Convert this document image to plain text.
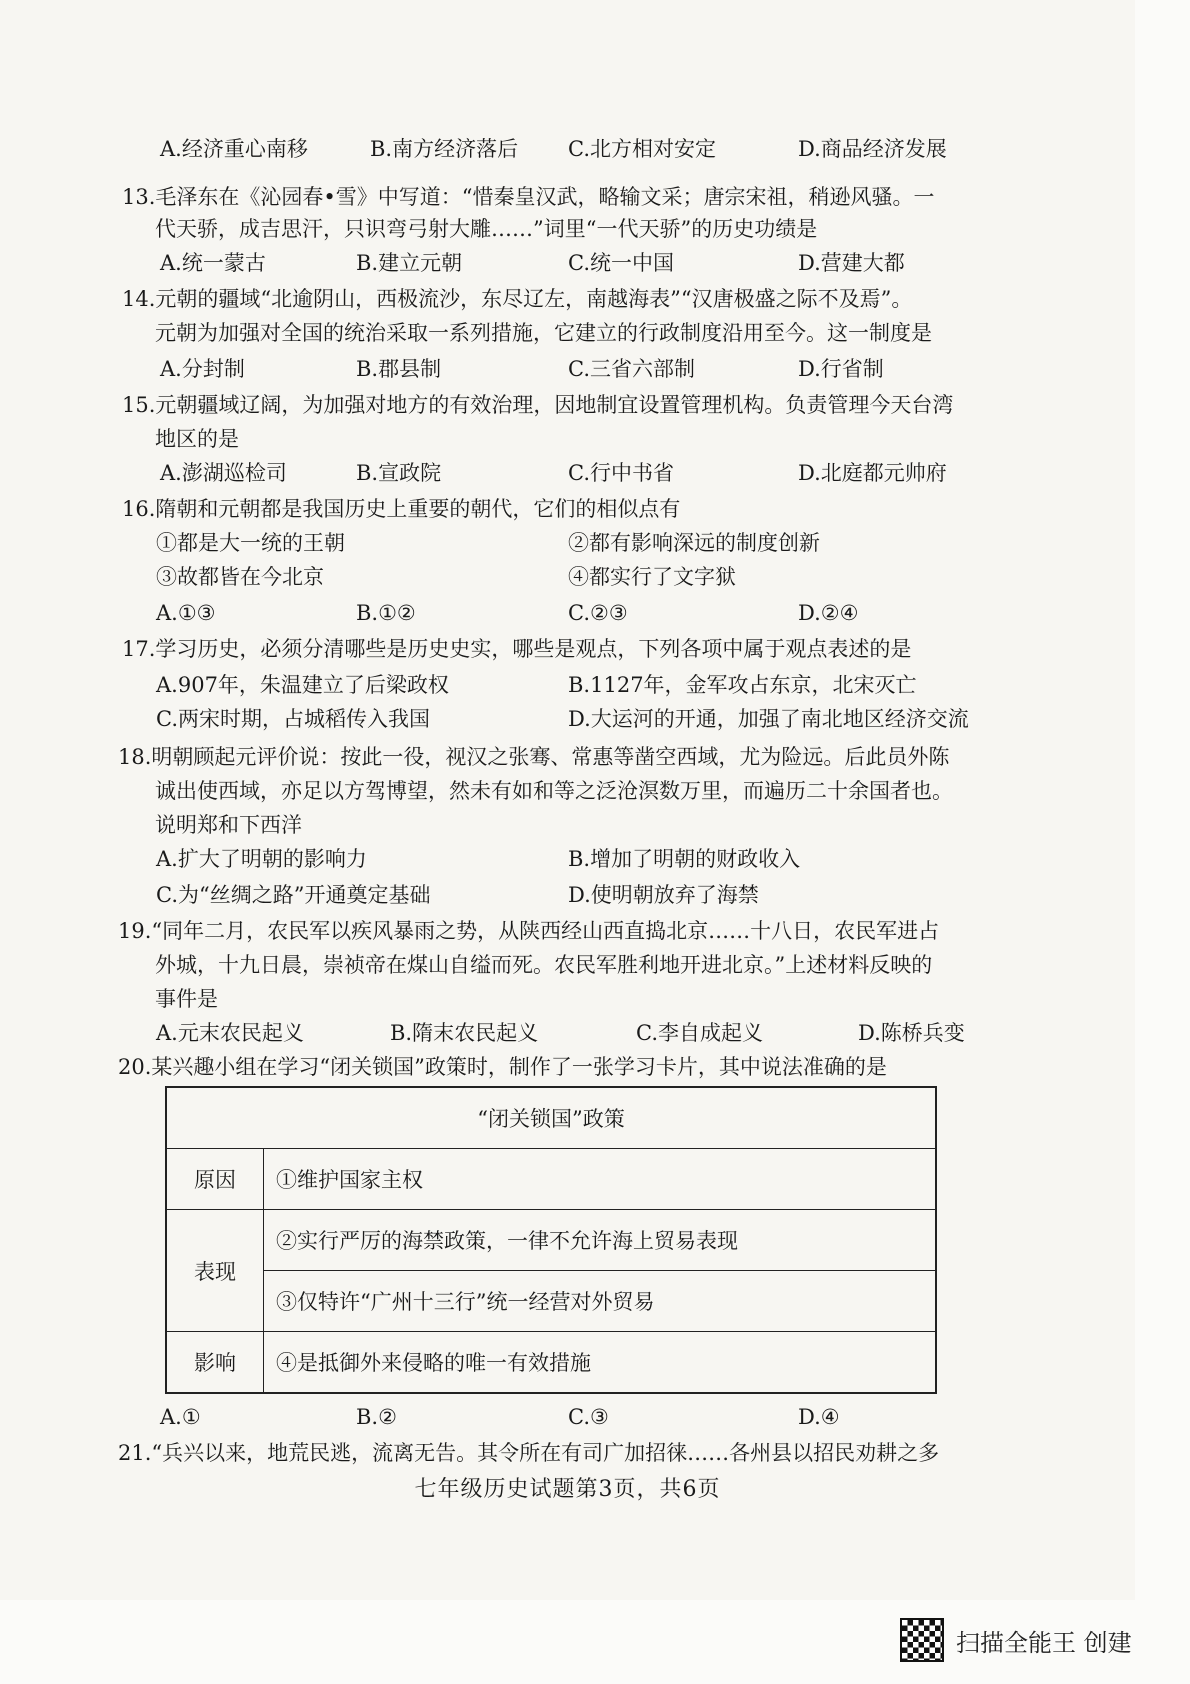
A.经济重心南移	B.南方经济落后 C.北方相对安定	D.商品经济发展
13.毛泽东在《沁园春•雪》中写道：“惜秦皇汉武，略输文采；唐宗宋祖，稍逊风骚。一
代天骄，成吉思汗，只识弯弓射大雕……”词里“一代天骄”的历史功绩是
A.统一蒙古	B.建立元朝	C.统一中国	D.营建大都
14.元朝的疆域“北逾阴山，西极流沙，东尽辽左，南越海表”“汉唐极盛之际不及焉”。
元朝为加强对全国的统治采取一系列措施，它建立的行政制度沿用至今。这一制度是
A.分封制	B.郡县制	C.三省六部制	D.行省制
15.元朝疆域辽阔，为加强对地方的有效治理，因地制宜设置管理机构。负责管理今天台湾
地区的是
A.澎湖巡检司	B.宣政院	C.行中书省	D.北庭都元帅府
16.隋朝和元朝都是我国历史上重要的朝代，它们的相似点有
①都是大一统的王朝	②都有影响深远的制度创新
③故都皆在今北京	④都实行了文字狱
A.①③	B.①②	C.②③	D.②④
17.学习历史，必须分清哪些是历史史实，哪些是观点，下列各项中属于观点表述的是
A.907年，朱温建立了后梁政权	B.1127年，金军攻占东京，北宋灭亡
C.两宋时期，占城稻传入我国	D.大运河的开通，加强了南北地区经济交流
18.明朝顾起元评价说：按此一役，视汉之张骞、常惠等凿空西域，尤为险远。后此员外陈
诚出使西域，亦足以方驾博望，然未有如和等之泛沧溟数万里，而遍历二十余国者也。
说明郑和下西洋
A.扩大了明朝的影响力	B.增加了明朝的财政收入
C.为“丝绸之路”开通奠定基础	D.使明朝放弃了海禁
19.“同年二月，农民军以疾风暴雨之势，从陕西经山西直捣北京……十八日，农民军进占
外城，十九日晨，崇祯帝在煤山自缢而死。农民军胜利地开进北京。”上述材料反映的
事件是
A.元末农民起义	B.隋末农民起义	C.李自成起义	D.陈桥兵变
20.某兴趣小组在学习“闭关锁国”政策时，制作了一张学习卡片，其中说法准确的是
“闭关锁国”政策	
原因	①维护国家主权
表现	②实行严厉的海禁政策，一律不允许海上贸易表现
	③仅特许“广州十三行”统一经营对外贸易
影响	④是抵御外来侵略的唯一有效措施
A.①	B.②	C.③	D.④
21.“兵兴以来，地荒民逃，流离无告。其令所在有司广加招徕……各州县以招民劝耕之多
七年级历史试题第3页，共6页
扫描全能王 创建
